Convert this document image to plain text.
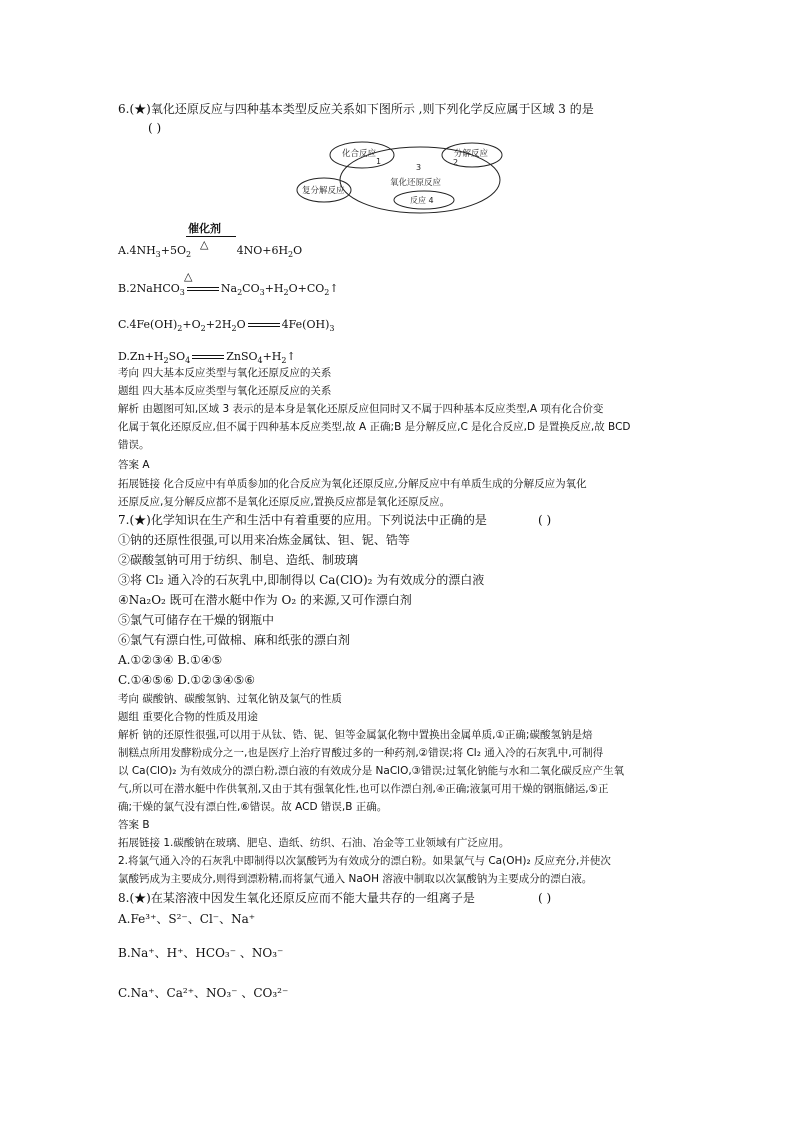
6.(★)氧化还原反应与四种基本类型反应关系如下图所示 ,则下列化学反应属于区域 3 的是
( )
化合反应
1
3
分解反应
2
氧化还原反应
复分解反应
反应 4
催化剂
△
$A.4NH_3+5O_2$	$4NO+6H_2O$
△
B.2NaHCO$_3$	$Na_2CO_3+H_2O+CO_2↑$
$C.4Fe(OH)_2+O_2+2H_2O$	$4Fe(OH)_3$
$D.Zn+H_2SO_4$	$ZnSO_4+H_2↑$
考向 四大基本反应类型与氧化还原反应的关系
题组 四大基本反应类型与氧化还原反应的关系
解析 由题图可知,区域 3 表示的是本身是氧化还原反应但同时又不属于四种基本反应类型,A 项有化合价变
化属于氧化还原反应,但不属于四种基本反应类型,故 A 正确;B 是分解反应,C 是化合反应,D 是置换反应,故 BCD
错误。
答案 A
拓展链接 化合反应中有单质参加的化合反应为氧化还原反应,分解反应中有单质生成的分解反应为氧化
还原反应,复分解反应都不是氧化还原反应,置换反应都是氧化还原反应。
7.(★)化学知识在生产和生活中有着重要的应用。下列说法中正确的是	( )
①钠的还原性很强,可以用来冶炼金属钛、钽、铌、锆等
②碳酸氢钠可用于纺织、制皂、造纸、制玻璃
③将 Cl₂ 通入冷的石灰乳中,即制得以 Ca(ClO)₂ 为有效成分的漂白液
④Na₂O₂ 既可在潜水艇中作为 O₂ 的来源,又可作漂白剂
⑤氯气可储存在干燥的钢瓶中
⑥氯气有漂白性,可做棉、麻和纸张的漂白剂
A.①②③④ B.①④⑤
C.①④⑤⑥ D.①②③④⑤⑥
考向 碳酸钠、碳酸氢钠、过氧化钠及氯气的性质
题组 重要化合物的性质及用途
解析 钠的还原性很强,可以用于从钛、锆、铌、钽等金属氯化物中置换出金属单质,①正确;碳酸氢钠是焙
制糕点所用发酵粉成分之一,也是医疗上治疗胃酸过多的一种药剂,②错误;将 Cl₂ 通入冷的石灰乳中,可制得
以 Ca(ClO)₂ 为有效成分的漂白粉,漂白液的有效成分是 NaClO,③错误;过氧化钠能与水和二氧化碳反应产生氧
气,所以可在潜水艇中作供氧剂,又由于其有强氧化性,也可以作漂白剂,④正确;液氯可用干燥的钢瓶储运,⑤正
确;干燥的氯气没有漂白性,⑥错误。故 ACD 错误,B 正确。
答案 B
拓展链接 1.碳酸钠在玻璃、肥皂、造纸、纺织、石油、冶金等工业领域有广泛应用。
2.将氯气通入冷的石灰乳中即制得以次氯酸钙为有效成分的漂白粉。如果氯气与 Ca(OH)₂ 反应充分,并使次
氯酸钙成为主要成分,则得到漂粉精,而将氯气通入 NaOH 溶液中制取以次氯酸钠为主要成分的漂白液。
8.(★)在某溶液中因发生氧化还原反应而不能大量共存的一组离子是	( )
A.Fe³⁺、S²⁻、Cl⁻、Na⁺
B.Na⁺、H⁺、HCO₃⁻ 、NO₃⁻
C.Na⁺、Ca²⁺、NO₃⁻ 、CO₃²⁻
